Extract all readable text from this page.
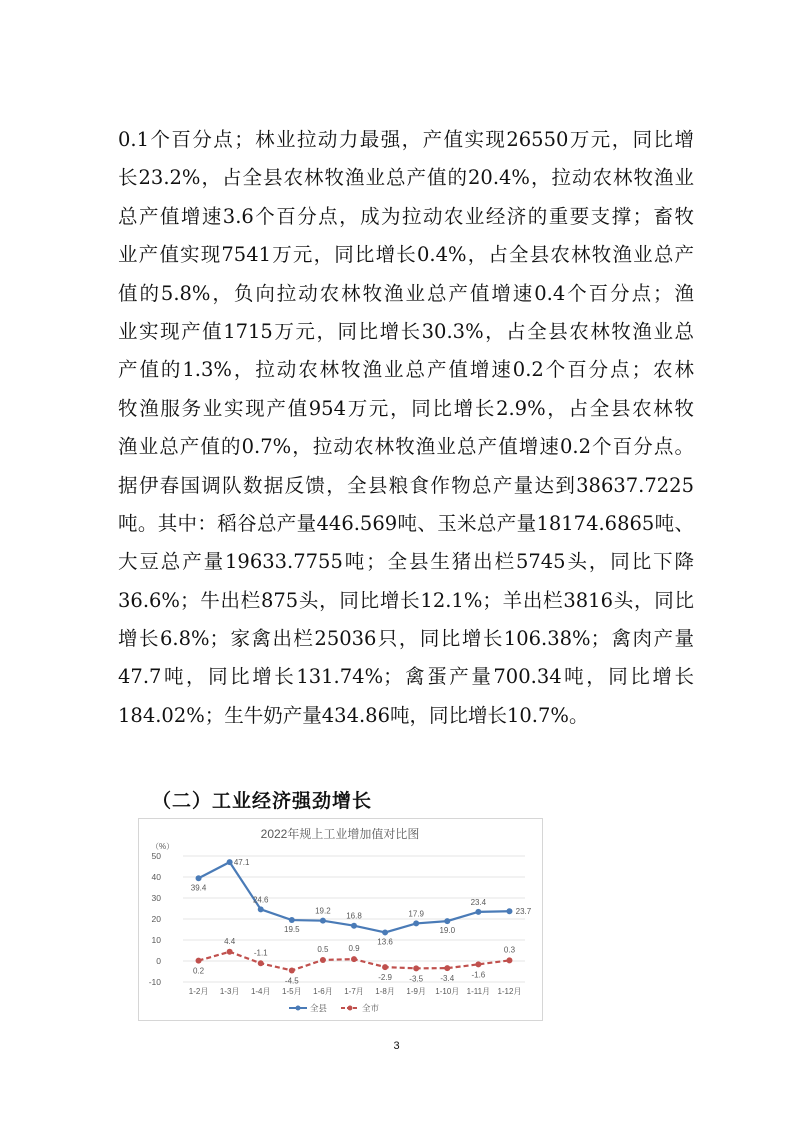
0.1个百分点；林业拉动力最强，产值实现26550万元，同比增
长23.2%，占全县农林牧渔业总产值的20.4%，拉动农林牧渔业
总产值增速3.6个百分点，成为拉动农业经济的重要支撑；畜牧
业产值实现7541万元，同比增长0.4%，占全县农林牧渔业总产
值的5.8%，负向拉动农林牧渔业总产值增速0.4个百分点；渔
业实现产值1715万元，同比增长30.3%，占全县农林牧渔业总
产值的1.3%，拉动农林牧渔业总产值增速0.2个百分点；农林
牧渔服务业实现产值954万元，同比增长2.9%，占全县农林牧
渔业总产值的0.7%，拉动农林牧渔业总产值增速0.2个百分点。
据伊春国调队数据反馈，全县粮食作物总产量达到38637.7225
吨。其中：稻谷总产量446.569吨、玉米总产量18174.6865吨、
大豆总产量19633.7755吨；全县生猪出栏5745头，同比下降
36.6%；牛出栏875头，同比增长12.1%；羊出栏3816头，同比
增长6.8%；家禽出栏25036只，同比增长106.38%；禽肉产量
47.7吨，同比增长131.74%；禽蛋产量700.34吨，同比增长
184.02%；生牛奶产量434.86吨，同比增长10.7%。
（二）工业经济强劲增长
2022年规上工业增加值对比图
（%）
50
40
30
20
10
0
-10
1-2月 1-3月 1-4月 1-5月 1-6月 1-7月 1-8月 1-9月 1-10月 1-11月 1-12月
39.4
47.1
24.6
19.5
19.2
16.8
13.6
17.9
19.0
23.4
23.7
0.2
4.4
-1.1
-4.5
0.5 0.9
-2.9 -3.5 -3.4 -1.6
0.3
全县	全市
3
